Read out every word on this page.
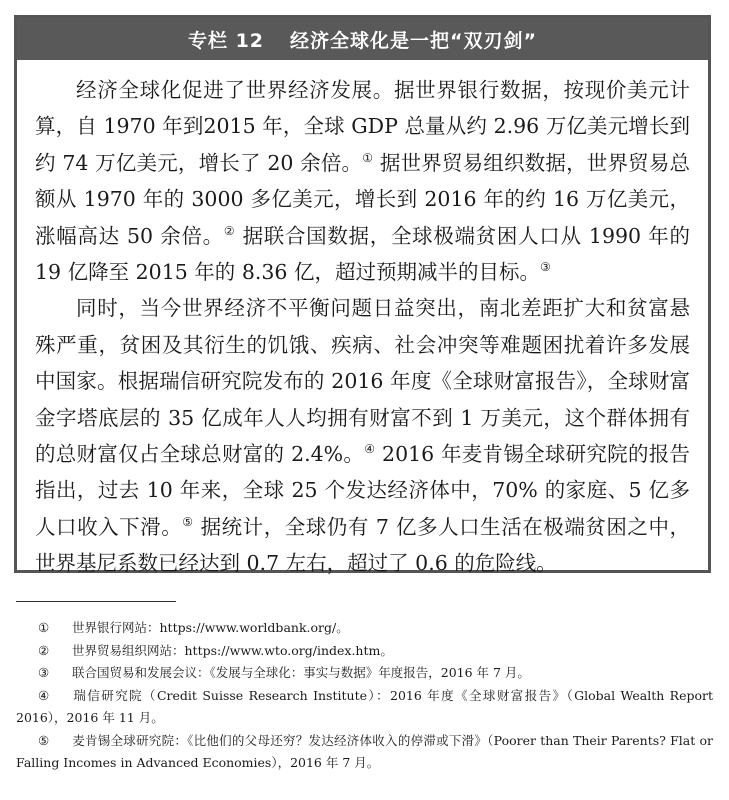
专栏 12 经济全球化是一把“双刃剑”

经济全球化促进了世界经济发展。据世界银行数据，按现价美元计算，自 1970 年到2015 年，全球 GDP 总量从约 2.96 万亿美元增长到约 74 万亿美元，增长了 20 余倍。① 据世界贸易组织数据，世界贸易总额从 1970 年的 3000 多亿美元，增长到 2016 年的约 16 万亿美元，涨幅高达 50 余倍。② 据联合国数据，全球极端贫困人口从 1990 年的 19 亿降至 2015 年的 8.36 亿，超过预期减半的目标。③

同时，当今世界经济不平衡问题日益突出，南北差距扩大和贫富悬殊严重，贫困及其衍生的饥饿、疾病、社会冲突等难题困扰着许多发展中国家。根据瑞信研究院发布的 2016 年度《全球财富报告》，全球财富金字塔底层的 35 亿成年人人均拥有财富不到 1 万美元，这个群体拥有的总财富仅占全球总财富的 2.4%。④ 2016 年麦肯锡全球研究院的报告指出，过去 10 年来，全球 25 个发达经济体中，70% 的家庭、5 亿多人口收入下滑。⑤ 据统计，全球仍有 7 亿多人口生活在极端贫困之中，世界基尼系数已经达到 0.7 左右，超过了 0.6 的危险线。

① 世界银行网站：https://www.worldbank.org/。

② 世界贸易组织网站：https://www.wto.org/index.htm。

③ 联合国贸易和发展会议：《发展与全球化：事实与数据》年度报告，2016 年 7 月。

④ 瑞信研究院（Credit Suisse Research Institute）：2016 年度《全球财富报告》（Global Wealth Report 2016），2016 年 11 月。

⑤ 麦肯锡全球研究院：《比他们的父母还穷？发达经济体收入的停滞或下滑》（Poorer than Their Parents? Flat or Falling Incomes in Advanced Economies），2016 年 7 月。
